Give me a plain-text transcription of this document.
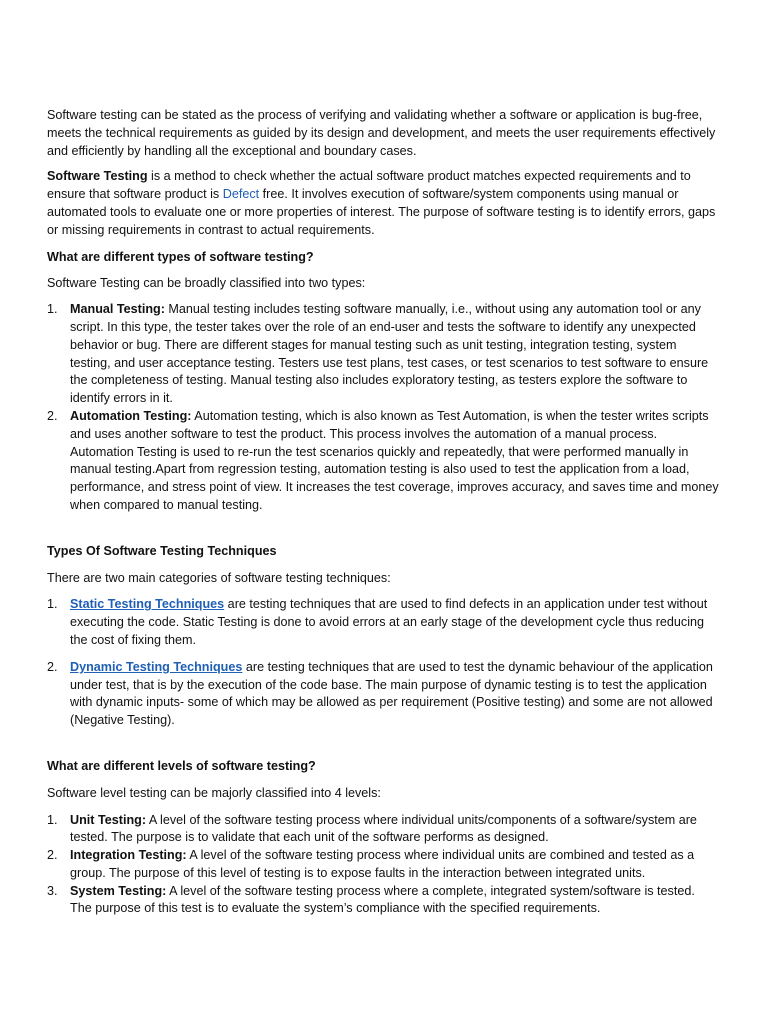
Software testing can be stated as the process of verifying and validating whether a software or application is bug-free, meets the technical requirements as guided by its design and development, and meets the user requirements effectively and efficiently by handling all the exceptional and boundary cases.

Software Testing is a method to check whether the actual software product matches expected requirements and to ensure that software product is Defect free. It involves execution of software/system components using manual or automated tools to evaluate one or more properties of interest. The purpose of software testing is to identify errors, gaps or missing requirements in contrast to actual requirements.

What are different types of software testing?

Software Testing can be broadly classified into two types:

1. Manual Testing: Manual testing includes testing software manually, i.e., without using any automation tool or any script. In this type, the tester takes over the role of an end-user and tests the software to identify any unexpected behavior or bug. There are different stages for manual testing such as unit testing, integration testing, system testing, and user acceptance testing. Testers use test plans, test cases, or test scenarios to test software to ensure the completeness of testing. Manual testing also includes exploratory testing, as testers explore the software to identify errors in it.
2. Automation Testing: Automation testing, which is also known as Test Automation, is when the tester writes scripts and uses another software to test the product. This process involves the automation of a manual process. Automation Testing is used to re-run the test scenarios quickly and repeatedly, that were performed manually in manual testing.Apart from regression testing, automation testing is also used to test the application from a load, performance, and stress point of view. It increases the test coverage, improves accuracy, and saves time and money when compared to manual testing.

Types Of Software Testing Techniques

There are two main categories of software testing techniques:

1. Static Testing Techniques are testing techniques that are used to find defects in an application under test without executing the code. Static Testing is done to avoid errors at an early stage of the development cycle thus reducing the cost of fixing them.
2. Dynamic Testing Techniques are testing techniques that are used to test the dynamic behaviour of the application under test, that is by the execution of the code base. The main purpose of dynamic testing is to test the application with dynamic inputs- some of which may be allowed as per requirement (Positive testing) and some are not allowed (Negative Testing).

What are different levels of software testing?

Software level testing can be majorly classified into 4 levels:

1. Unit Testing: A level of the software testing process where individual units/components of a software/system are tested. The purpose is to validate that each unit of the software performs as designed.
2. Integration Testing: A level of the software testing process where individual units are combined and tested as a group. The purpose of this level of testing is to expose faults in the interaction between integrated units.
3. System Testing: A level of the software testing process where a complete, integrated system/software is tested. The purpose of this test is to evaluate the system’s compliance with the specified requirements.
